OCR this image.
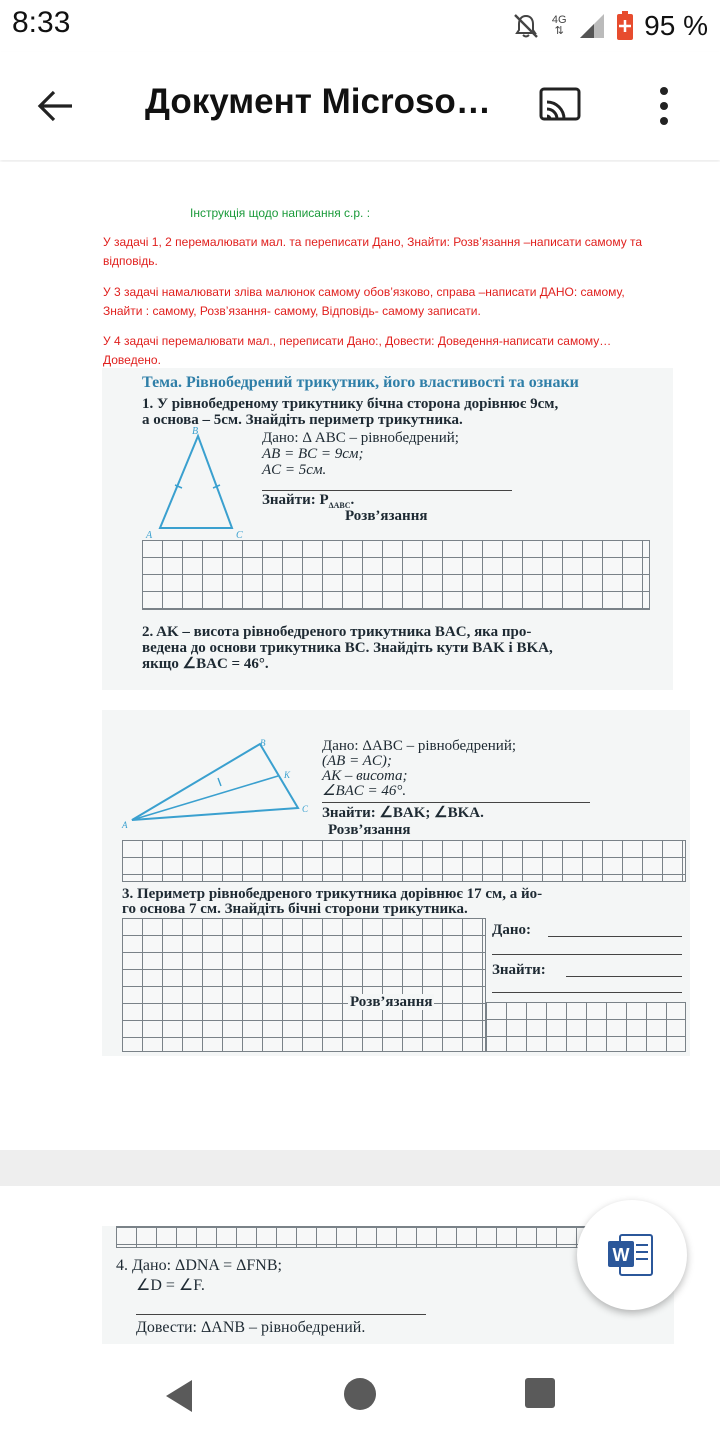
8:33	4G
⇅	95 %
Документ Microso…
Інструкція щодо написання с.р. :
У задачі 1, 2 перемалювати мал. та переписати Дано, Знайти: Розв’язання –написати самому та
відповідь.
У 3 задачі намалювати зліва малюнок самому обов’язково, справа –написати ДАНО: самому,
Знайти : самому, Розв’язання- самому, Відповідь- самому записати.
У 4 задачі перемалювати мал., переписати Дано:, Довести: Доведення-написати самому…
Доведено.
Тема. Рівнобедрений трикутник, його властивості та ознаки
1. У рівнобедреному трикутнику бічна сторона дорівнює 9см,
а основа – 5см. Знайдіть периметр трикутника.
B
A	C
Дано: Δ ABC – рівнобедрений;
AB = BC = 9см;
AC = 5см.
Знайти: $P_{\Delta ABC}$.
Розв’язання
2. AK – висота рівнобедреного трикутника BAC, яка про-
ведена до основи трикутника BC. Знайдіть кути BAK і BKA,
якщо ∠BAC = 46°.
B
K
C
A
Дано: ΔABC – рівнобедрений;
(AB = AC);
AK – висота;
∠BAC = 46°.
Знайти: ∠BAK; ∠BKA.
Розв’язання
3. Периметр рівнобедреного трикутника дорівнює 17 см, а йо-
го основа 7 см. Знайдіть бічні сторони трикутника.
Розв’язання
Дано:
Знайти:
4. Дано: ΔDNA = ΔFNB;
∠D = ∠F.
Довести: ΔANB – рівнобедрений.
W
